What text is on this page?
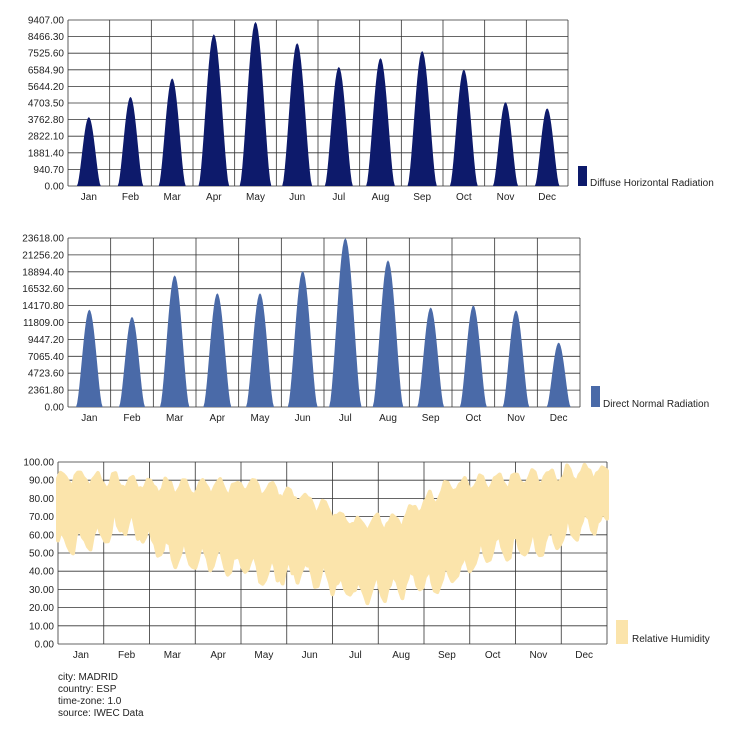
0.00
940.70
1881.40
2822.10
3762.80
4703.50
5644.20
6584.90
7525.60
8466.30
9407.00
Jan Feb Mar	Apr May Jun	Jul	Aug Sep Oct Nov Dec
Diffuse Horizontal Radiation
0.00
2361.80
4723.60
7065.40
9447.20
11809.00
14170.80
16532.60
18894.40
21256.20
23618.00
Jan	Feb	Mar	Apr	May	Jun	Jul	Aug Sep	Oct	Nov Dec
Direct Normal Radiation
0.00
10.00
20.00
30.00
40.00
50.00
60.00
70.00
80.00
90.00
100.00
Jan	Feb	Mar	Apr	May	Jun	Jul	Aug	Sep	Oct	Nov	Dec
Relative Humidity
city: MADRID
country: ESP
time-zone: 1.0
source: IWEC Data
